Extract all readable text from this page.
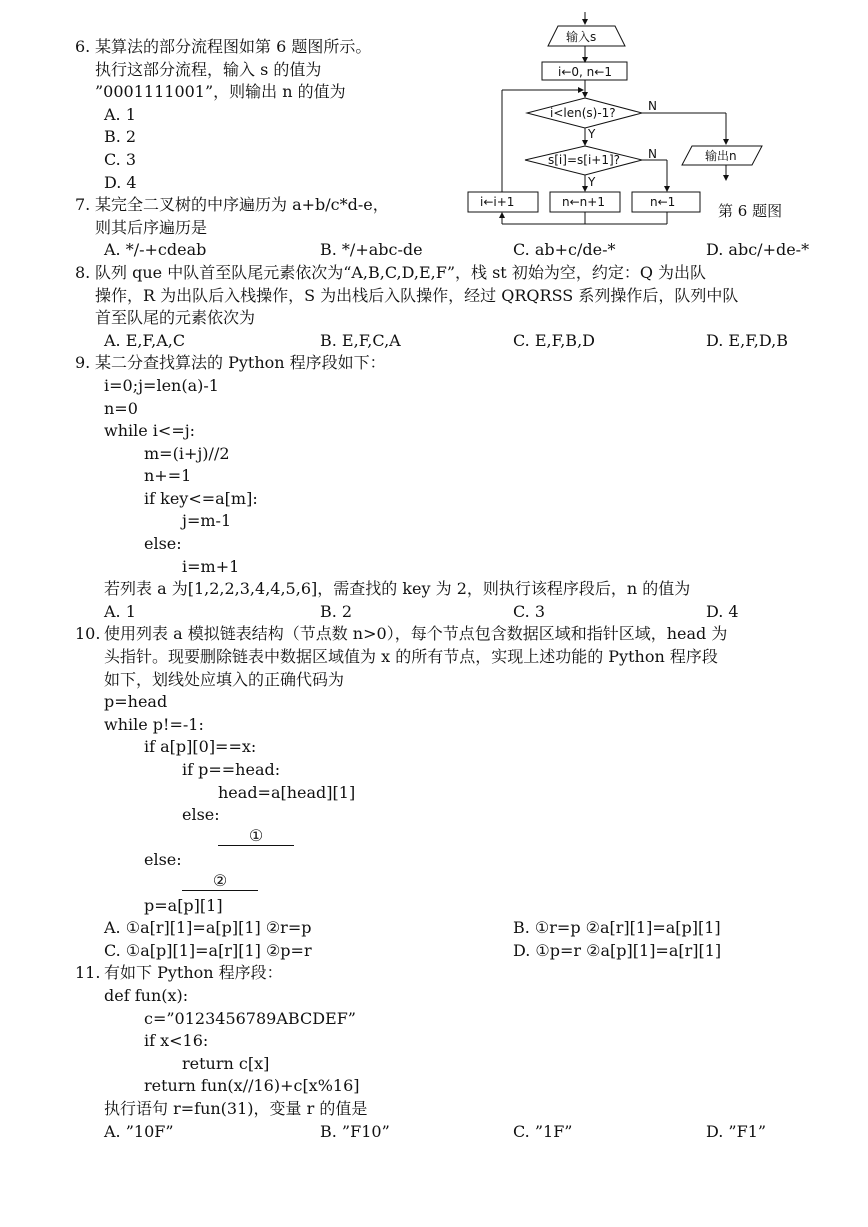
输入s
i←0, n←1
i<len(s)-1?
s[i]=s[i+1]?
Y
Y
N
N	输出n
i←i+1	n←n+1	n←1	第 6 题图
6. 某算法的部分流程图如第 6 题图所示。
执行这部分流程，输入 s 的值为
”0001111001”，则输出 n 的值为
A. 1
B. 2
C. 3
D. 4
7. 某完全二叉树的中序遍历为 a+b/c*d-e，
则其后序遍历是
A. */-+cdeab	B. */+abc-de	C. ab+c/de-*	D. abc/+de-*
8. 队列 que 中队首至队尾元素依次为“A,B,C,D,E,F”，栈 st 初始为空，约定：Q 为出队
操作，R 为出队后入栈操作，S 为出栈后入队操作，经过 QRQRSS 系列操作后，队列中队
首至队尾的元素依次为
A. E,F,A,C	B. E,F,C,A	C. E,F,B,D	D. E,F,D,B
9. 某二分查找算法的 Python 程序段如下：
i=0;j=len(a)-1
n=0
while i<=j:
m=(i+j)//2
n+=1
if key<=a[m]:
j=m-1
else:
i=m+1
若列表 a 为[1,2,2,3,4,4,5,6]，需查找的 key 为 2，则执行该程序段后，n 的值为
A. 1	B. 2	C. 3	D. 4
10. 使用列表 a 模拟链表结构（节点数 n>0），每个节点包含数据区域和指针区域，head 为
头指针。现要删除链表中数据区域值为 x 的所有节点，实现上述功能的 Python 程序段
如下，划线处应填入的正确代码为
p=head
while p!=-1:
if a[p][0]==x:
if p==head:
head=a[head][1]
else:
①
else:
②
p=a[p][1]
A. ①a[r][1]=a[p][1] ②r=p	B. ①r=p ②a[r][1]=a[p][1]
C. ①a[p][1]=a[r][1] ②p=r	D. ①p=r ②a[p][1]=a[r][1]
11. 有如下 Python 程序段：
def fun(x):
c=”0123456789ABCDEF”
if x<16:
return c[x]
return fun(x//16)+c[x%16]
执行语句 r=fun(31)，变量 r 的值是
A. ”10F”	B. ”F10”	C. ”1F”	D. ”F1”
